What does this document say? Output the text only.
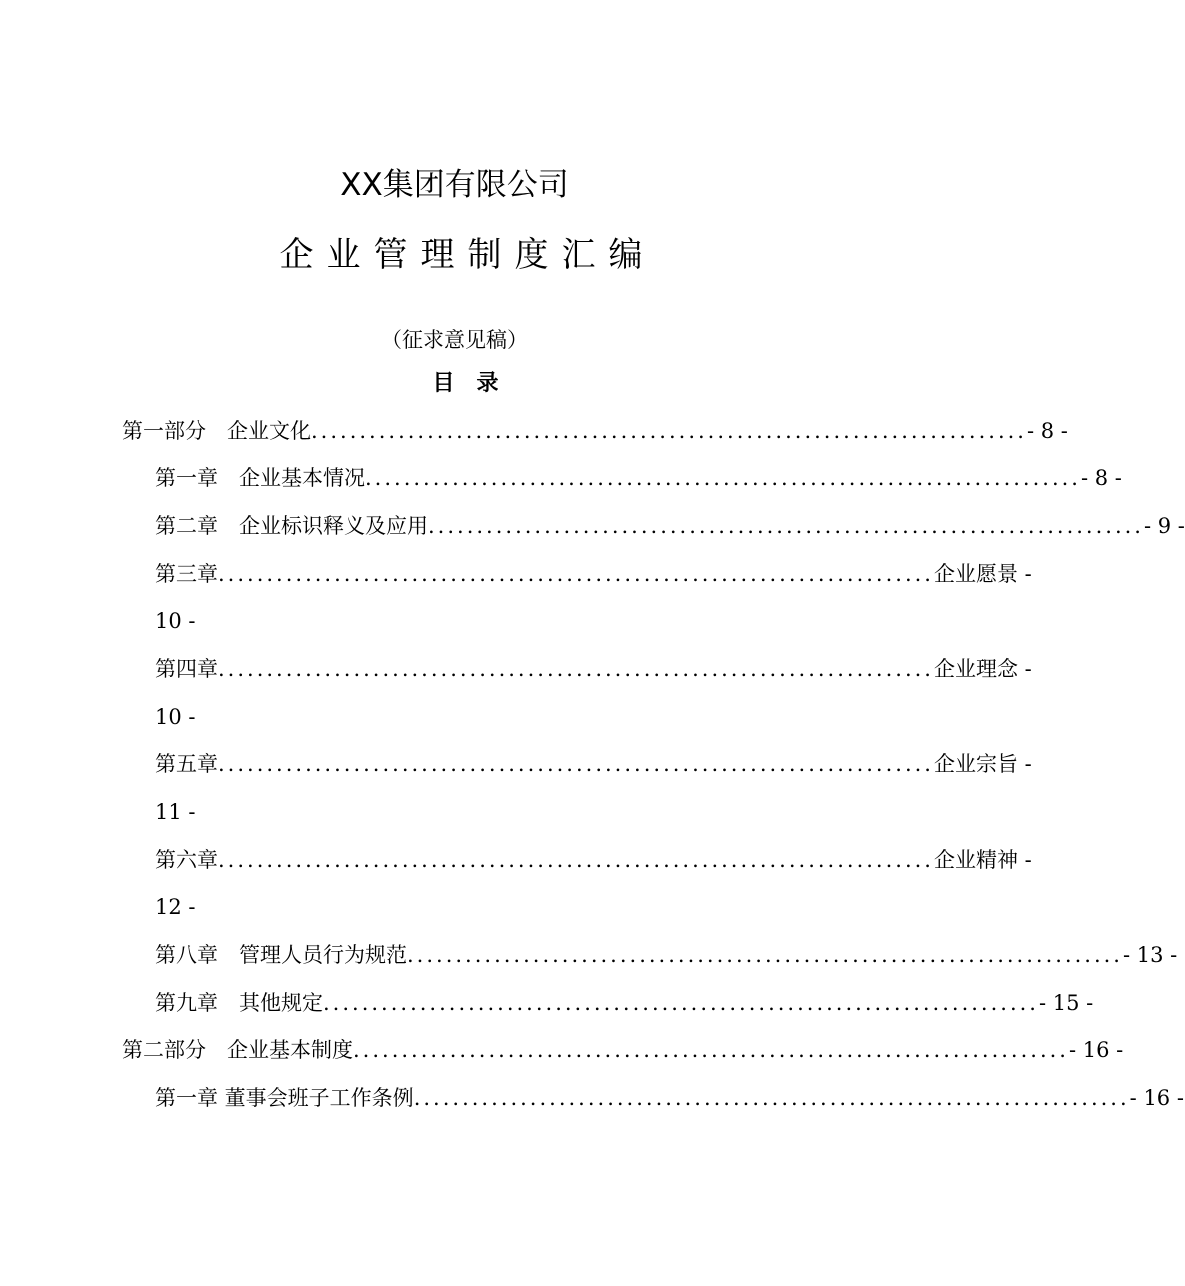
XX集团有限公司
企业管理制度汇编
（征求意见稿）
目录
第一部分　企业文化 .......................................................................... - 8 -
第一章　企业基本情况 .......................................................................... - 8 -
第二章　企业标识释义及应用 .......................................................................... - 9 -
第三章 .......................................................................... 企业愿景 -
10 -
第四章 .......................................................................... 企业理念 -
10 -
第五章 .......................................................................... 企业宗旨 -
11 -
第六章 .......................................................................... 企业精神 -
12 -
第八章　管理人员行为规范 .......................................................................... - 13 -
第九章　其他规定 .......................................................................... - 15 -
第二部分　企业基本制度 .......................................................................... - 16 -
第一章 董事会班子工作条例 .......................................................................... - 16 -
